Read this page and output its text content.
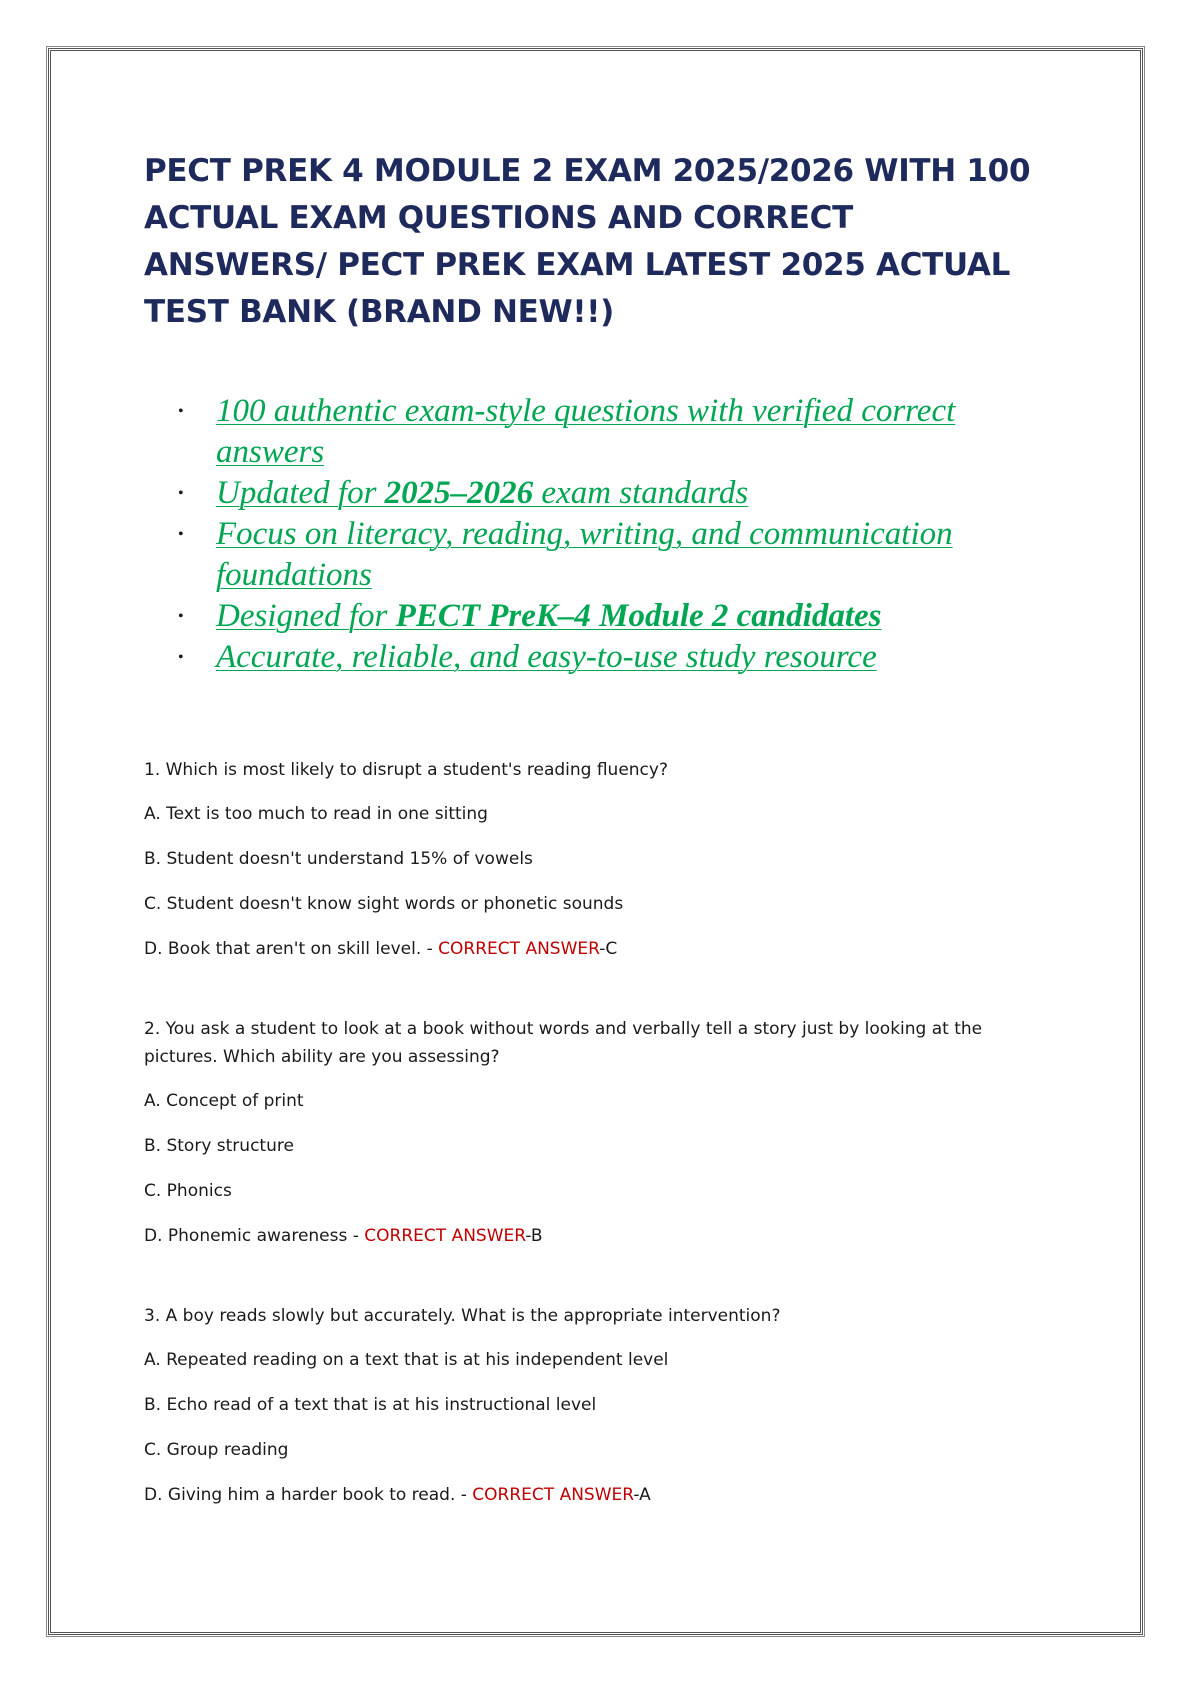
PECT PREK 4 MODULE 2 EXAM 2025/2026 WITH 100 ACTUAL EXAM QUESTIONS AND CORRECT ANSWERS/ PECT PREK EXAM LATEST 2025 ACTUAL TEST BANK (BRAND NEW!!)
• 100 authentic exam-style questions with verified correct answers
• Updated for 2025–2026 exam standards
• Focus on literacy, reading, writing, and communication foundations
• Designed for PECT PreK–4 Module 2 candidates
• Accurate, reliable, and easy-to-use study resource

1. Which is most likely to disrupt a student's reading fluency?

A. Text is too much to read in one sitting

B. Student doesn't understand 15% of vowels

C. Student doesn't know sight words or phonetic sounds

D. Book that aren't on skill level. - CORRECT ANSWER-C

2. You ask a student to look at a book without words and verbally tell a story just by looking at the pictures. Which ability are you assessing?

A. Concept of print

B. Story structure

C. Phonics

D. Phonemic awareness - CORRECT ANSWER-B

3. A boy reads slowly but accurately. What is the appropriate intervention?

A. Repeated reading on a text that is at his independent level

B. Echo read of a text that is at his instructional level

C. Group reading

D. Giving him a harder book to read. - CORRECT ANSWER-A
